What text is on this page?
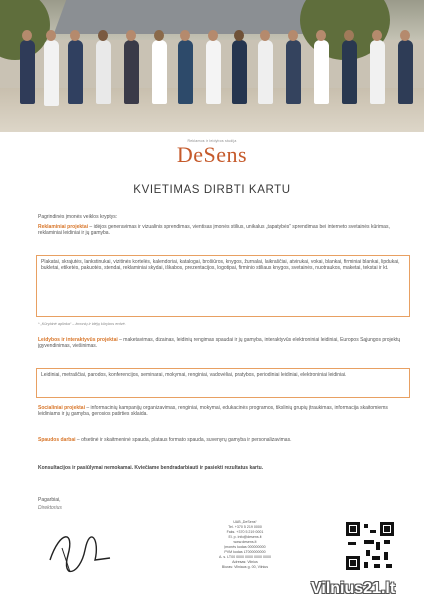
Reklamos ir leidybos studija
DeSens
KVIETIMAS DIRBTI KARTU
Pagrindinės įmonės veiklos kryptys:
Reklaminiai projektai – idėjos generavimas ir vizualinis sprendimas, vientisas įmonės stilius, unikalus „tapatybės“ sprendimas bei interneto svetainės kūrimas, reklaminiai leidiniai ir jų gamyba.
Plakatai, skrajutės, lankstinukai, vizitinės kortelės, kalendoriai, katalogai, brošiūros, knygos, žurnalai, laikraščiai, atvirukai, vokai, blankai, firminiai blankai, lipdukai, bukletai, etiketės, pakuotės, stendai, reklaminiai skydai, iškabos, prezentacijos, logotipai, firminio stiliaus knygos, svetainės, nuotraukos, maketai, tekstai ir kt.
* „Kūrybinė aplinka“ – žmonių ir idėjų kūrybos erdvė.
Leidybos ir interaktyvūs projektai – maketavimas, dizainas, leidinių rengimas spaudai ir jų gamyba, interaktyvūs elektroniniai leidiniai, Europos Sąjungos projektų įgyvendinimas, viešinimas.
Leidiniai, metraščiai, parodos, konferencijos, seminarai, mokymai, renginiai, vadovėliai, pratybos, periodiniai leidiniai, elektroniniai leidiniai.
Socialiniai projektai – informacinių kampanijų organizavimas, renginiai, mokymai, edukacinės programos, tikslinių grupių įtraukimas, informacija skaitomiems leidiniams ir jų gamyba, gerosios patirties sklaida.
Spaudos darbai – ofsetinė ir skaitmeninė spauda, plataus formato spauda, suvenyrų gamyba ir personalizavimas.
Konsultacijos ir pasiūlymai nemokamai. Kviečiame bendradarbiauti ir pasiekti rezultatus kartu.
Pagarbiai,
Direktorius
UAB „DeSens“
Tel. +370 5 219 0000
Faks. +370 5 219 0001
El. p. info@desens.lt
www.desens.lt
Įmonės kodas 000000000
PVM kodas LT000000000
A. s. LT00 0000 0000 0000 0000
Adresas: Vilnius
Biuras: Vilniaus g. 00, Vilnius
Vilnius21.lt
